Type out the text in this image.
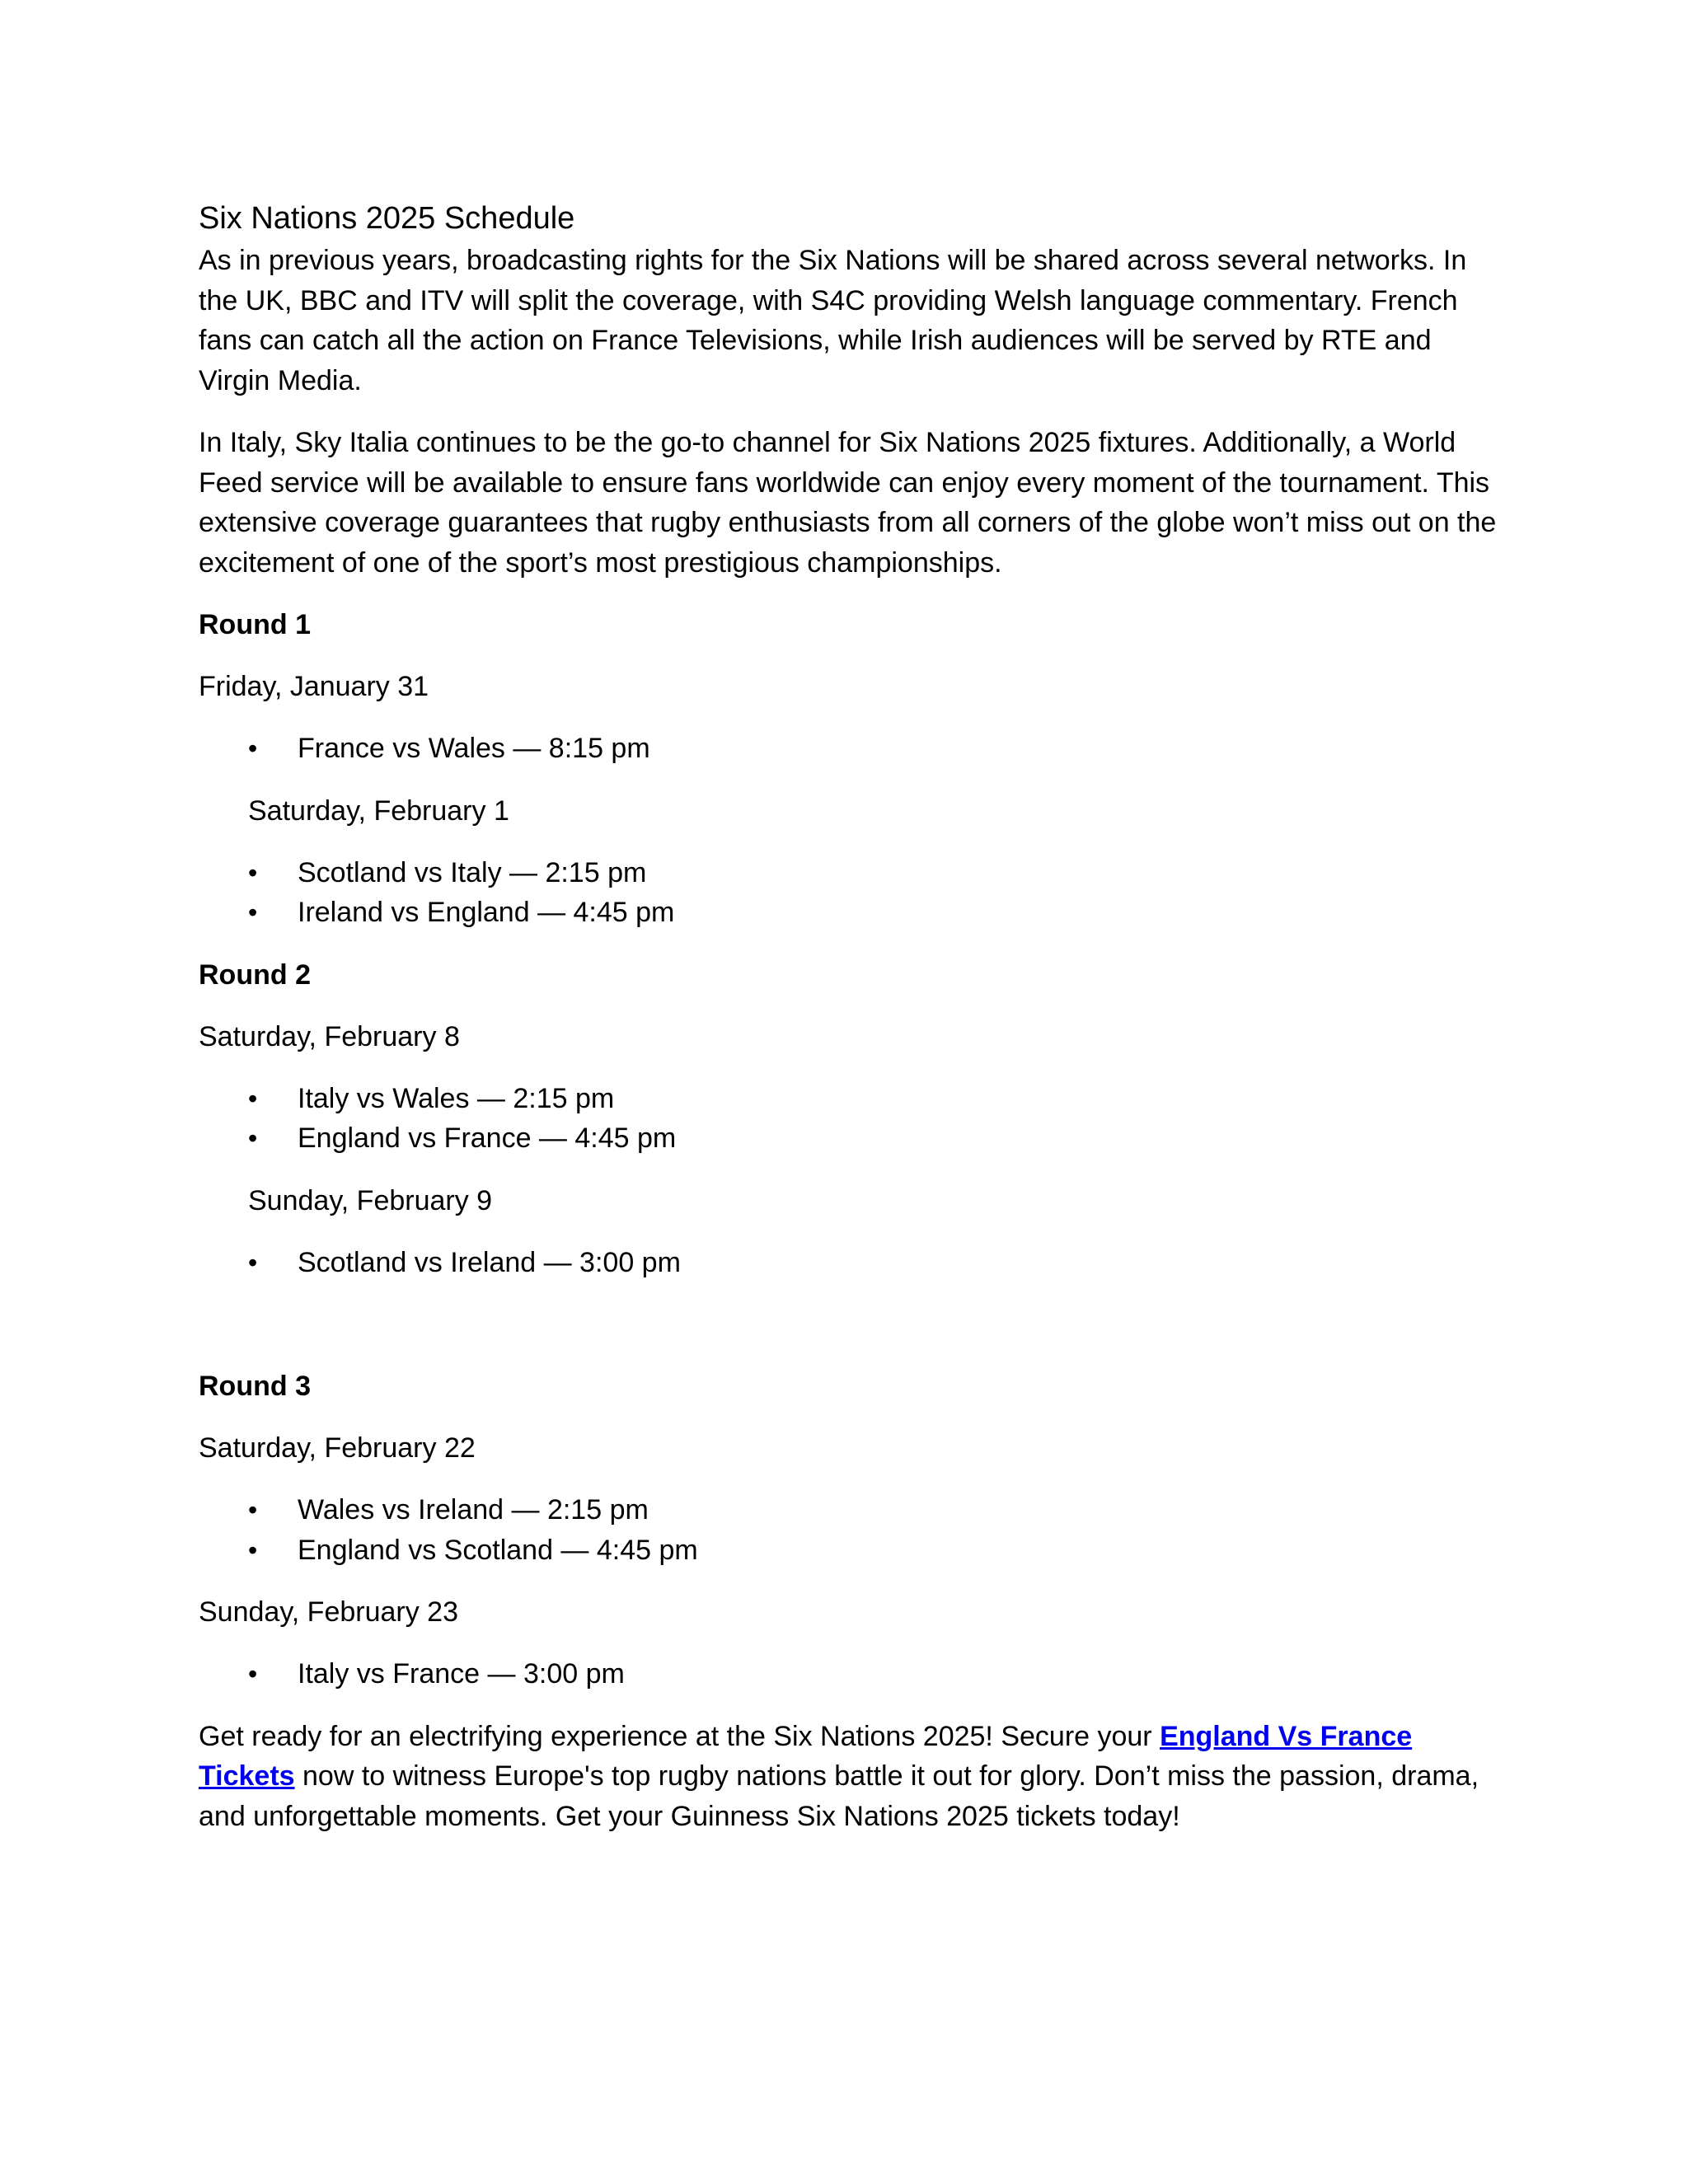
Six Nations 2025 Schedule

As in previous years, broadcasting rights for the Six Nations will be shared across several networks. In the UK, BBC and ITV will split the coverage, with S4C providing Welsh language commentary. French fans can catch all the action on France Televisions, while Irish audiences will be served by RTE and Virgin Media.

In Italy, Sky Italia continues to be the go-to channel for Six Nations 2025 fixtures. Additionally, a World Feed service will be available to ensure fans worldwide can enjoy every moment of the tournament. This extensive coverage guarantees that rugby enthusiasts from all corners of the globe won’t miss out on the excitement of one of the sport’s most prestigious championships.

Round 1
Friday, January 31
•	France vs Wales — 8:15 pm
Saturday, February 1
•	Scotland vs Italy — 2:15 pm
•	Ireland vs England — 4:45 pm
Round 2
Saturday, February 8
•	Italy vs Wales — 2:15 pm
•	England vs France — 4:45 pm
Sunday, February 9
•	Scotland vs Ireland — 3:00 pm
Round 3
Saturday, February 22
•	Wales vs Ireland — 2:15 pm
•	England vs Scotland — 4:45 pm
Sunday, February 23
•	Italy vs France — 3:00 pm

Get ready for an electrifying experience at the Six Nations 2025! Secure your England Vs France Tickets now to witness Europe's top rugby nations battle it out for glory. Don’t miss the passion, drama, and unforgettable moments. Get your Guinness Six Nations 2025 tickets today!
